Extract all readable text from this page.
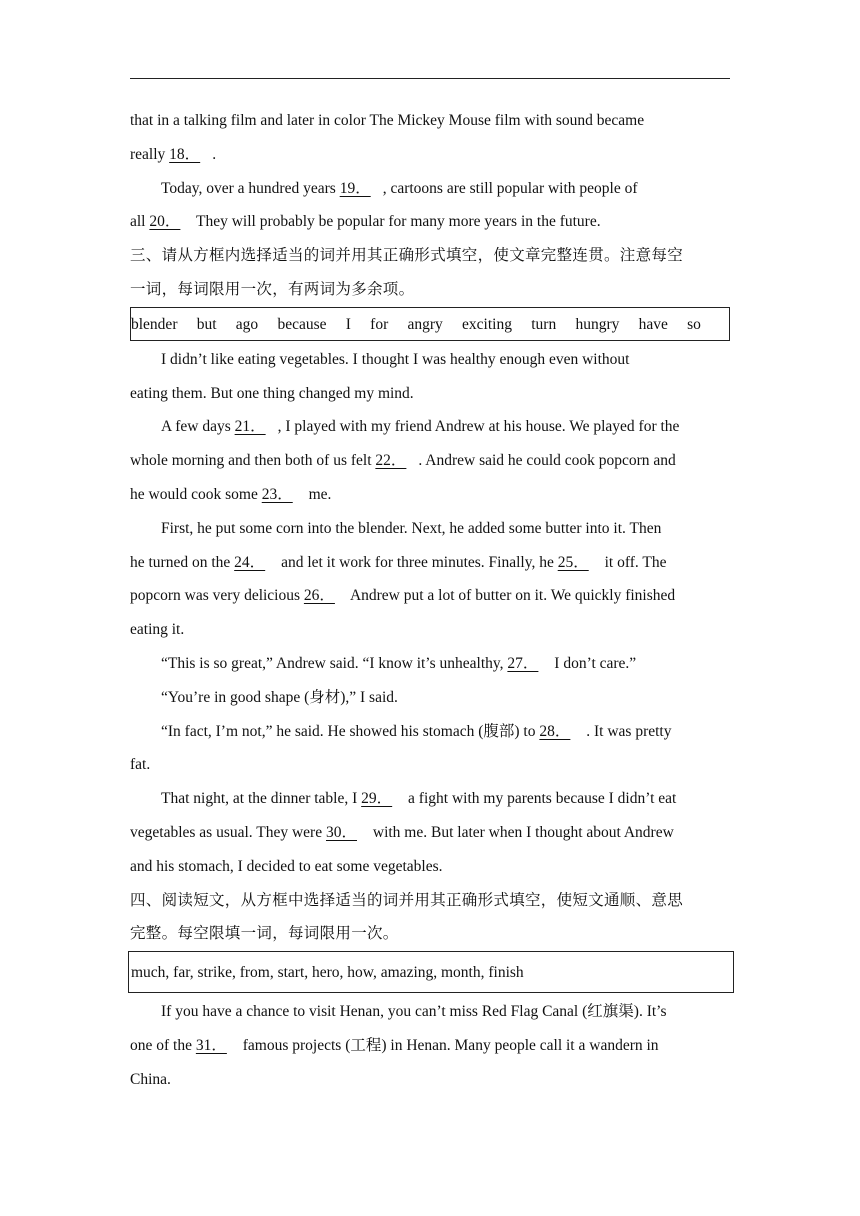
that in a talking film and later in color The Mickey Mouse film with sound became
really 18． .
Today, over a hundred years 19． , cartoons are still popular with people of
all 20． They will probably be popular for many more years in the future.
三、请从方框内选择适当的词并用其正确形式填空，使文章完整连贯。注意每空
一词，每词限用一次，有两词为多余项。
blender but ago because I for angry exciting turn hungry have so
I didn’t like eating vegetables. I thought I was healthy enough even without
eating them. But one thing changed my mind.
A few days 21． , I played with my friend Andrew at his house. We played for the
whole morning and then both of us felt 22． . Andrew said he could cook popcorn and
he would cook some 23． me.
First, he put some corn into the blender. Next, he added some butter into it. Then
he turned on the 24． and let it work for three minutes. Finally, he 25． it off. The
popcorn was very delicious 26． Andrew put a lot of butter on it. We quickly finished
eating it.
“This is so great,” Andrew said. “I know it’s unhealthy, 27． I don’t care.”
“You’re in good shape (身材),” I said.
“In fact, I’m not,” he said. He showed his stomach (腹部) to 28． . It was pretty
fat.
That night, at the dinner table, I 29． a fight with my parents because I didn’t eat
vegetables as usual. They were 30． with me. But later when I thought about Andrew
and his stomach, I decided to eat some vegetables.
四、阅读短文，从方框中选择适当的词并用其正确形式填空，使短文通顺、意思
完整。每空限填一词，每词限用一次。
much, far, strike, from, start, hero, how, amazing, month, finish
If you have a chance to visit Henan, you can’t miss Red Flag Canal (红旗渠). It’s
one of the 31． famous projects (工程) in Henan. Many people call it a wandern in
China.
